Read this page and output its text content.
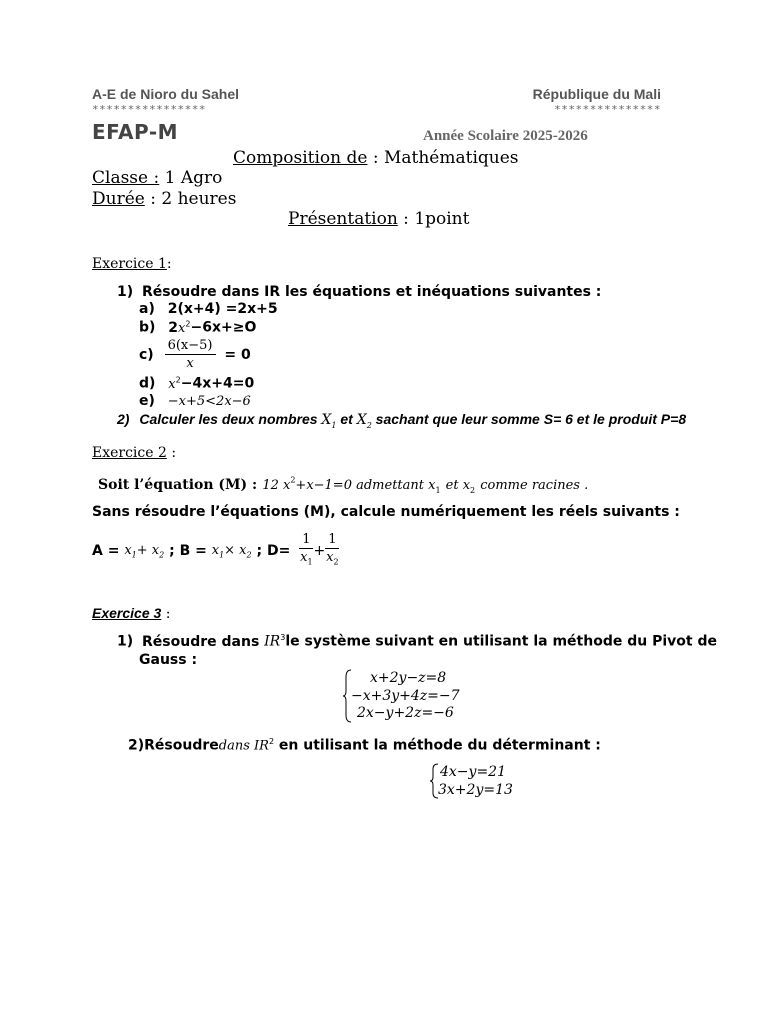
A-E de Nioro du Sahel
****************
République du Mali
***************
EFAP-M	Année Scolaire 2025-2026
Composition de : Mathématiques
Classe : 1 Agro
Durée : 2 heures
Présentation : 1point
Exercice 1:
1) Résoudre dans IR les équations et inéquations suivantes :
a) 2(x+4) =2x+5
b) $2x^2-6x+\ge O$
$c) \frac{6(x-5)}{x} = 0$
d) $x^2-4x+4=0$
e) −x+5<2x−6
2) Calculer les deux nombres $X_1$ et $X_2$ sachant que leur somme S= 6 et le produit P=8
Exercice 2 :
Soit l’équation (M) : 12 $x^2+x-1=0$ admettant $x_1$ et $x_2$ comme racines .
Sans résoudre l’équations (M), calcule numériquement les réels suivants :
$A = x_1+ x_2$ ; $B = x_1\times x_2$ ; $D= \frac{1}{x_1} + \frac{1}{x_2}$
Exercice 3 :
1) Résoudre dans $IR^3le$ système suivant en utilisant la méthode du Pivot de
Gauss :
x+2y−z=8
−x+3y+4z=−7
2x−y+2z=−6
2)Résoudredans $IR^2$ en utilisant la méthode du déterminant :
4x−y=21
3x+2y=13
